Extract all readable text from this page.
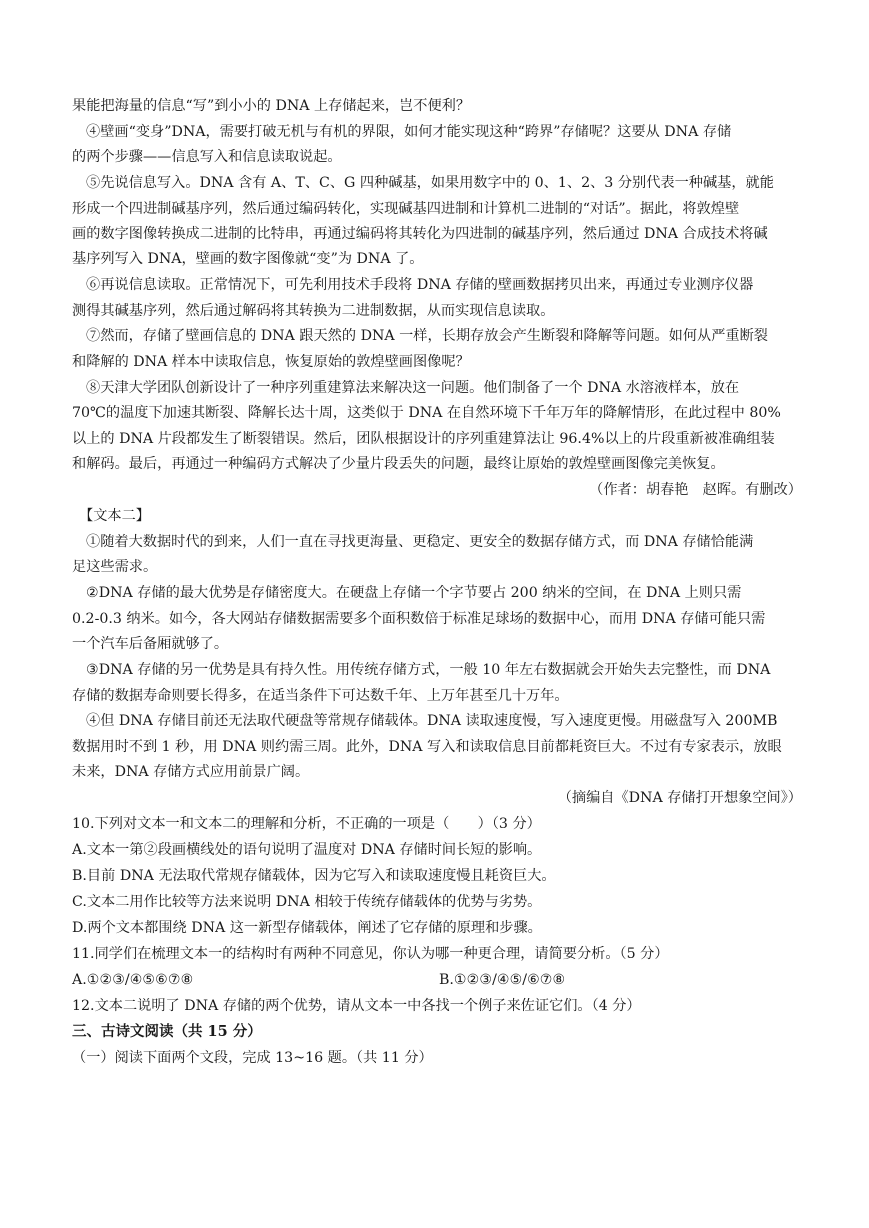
果能把海量的信息“写”到小小的 DNA 上存储起来，岂不便利？
④壁画“变身”DNA，需要打破无机与有机的界限，如何才能实现这种“跨界”存储呢？这要从 DNA 存储
的两个步骤——信息写入和信息读取说起。
⑤先说信息写入。DNA 含有 A、T、C、G 四种碱基，如果用数字中的 0、1、2、3 分别代表一种碱基，就能
形成一个四进制碱基序列，然后通过编码转化，实现碱基四进制和计算机二进制的“对话”。据此，将敦煌壁
画的数字图像转换成二进制的比特串，再通过编码将其转化为四进制的碱基序列，然后通过 DNA 合成技术将碱
基序列写入 DNA，壁画的数字图像就“变”为 DNA 了。
⑥再说信息读取。正常情况下，可先利用技术手段将 DNA 存储的壁画数据拷贝出来，再通过专业测序仪器
测得其碱基序列，然后通过解码将其转换为二进制数据，从而实现信息读取。
⑦然而，存储了壁画信息的 DNA 跟天然的 DNA 一样，长期存放会产生断裂和降解等问题。如何从严重断裂
和降解的 DNA 样本中读取信息，恢复原始的敦煌壁画图像呢？
⑧天津大学团队创新设计了一种序列重建算法来解决这一问题。他们制备了一个 DNA 水溶液样本，放在
70℃的温度下加速其断裂、降解长达十周，这类似于 DNA 在自然环境下千年万年的降解情形，在此过程中 80%
以上的 DNA 片段都发生了断裂错误。然后，团队根据设计的序列重建算法让 96.4%以上的片段重新被准确组装
和解码。最后，再通过一种编码方式解决了少量片段丢失的问题，最终让原始的敦煌壁画图像完美恢复。
（作者：胡春艳　赵晖。有删改）
【文本二】
①随着大数据时代的到来，人们一直在寻找更海量、更稳定、更安全的数据存储方式，而 DNA 存储恰能满
足这些需求。
②DNA 存储的最大优势是存储密度大。在硬盘上存储一个字节要占 200 纳米的空间，在 DNA 上则只需
0.2-0.3 纳米。如今，各大网站存储数据需要多个面积数倍于标准足球场的数据中心，而用 DNA 存储可能只需
一个汽车后备厢就够了。
③DNA 存储的另一优势是具有持久性。用传统存储方式，一般 10 年左右数据就会开始失去完整性，而 DNA
存储的数据寿命则要长得多，在适当条件下可达数千年、上万年甚至几十万年。
④但 DNA 存储目前还无法取代硬盘等常规存储载体。DNA 读取速度慢，写入速度更慢。用磁盘写入 200MB
数据用时不到 1 秒，用 DNA 则约需三周。此外，DNA 写入和读取信息目前都耗资巨大。不过有专家表示，放眼
未来，DNA 存储方式应用前景广阔。
（摘编自《DNA 存储打开想象空间》）
10.下列对文本一和文本二的理解和分析，不正确的一项是（　　）（3 分）
A.文本一第②段画横线处的语句说明了温度对 DNA 存储时间长短的影响。
B.目前 DNA 无法取代常规存储载体，因为它写入和读取速度慢且耗资巨大。
C.文本二用作比较等方法来说明 DNA 相较于传统存储载体的优势与劣势。
D.两个文本都围绕 DNA 这一新型存储载体，阐述了它存储的原理和步骤。
11.同学们在梳理文本一的结构时有两种不同意见，你认为哪一种更合理，请简要分析。（5 分）
A.①②③/④⑤⑥⑦⑧	B.①②③/④⑤/⑥⑦⑧
12.文本二说明了 DNA 存储的两个优势，请从文本一中各找一个例子来佐证它们。（4 分）
三、古诗文阅读（共 15 分）
（一）阅读下面两个文段，完成 13~16 题。（共 11 分）
